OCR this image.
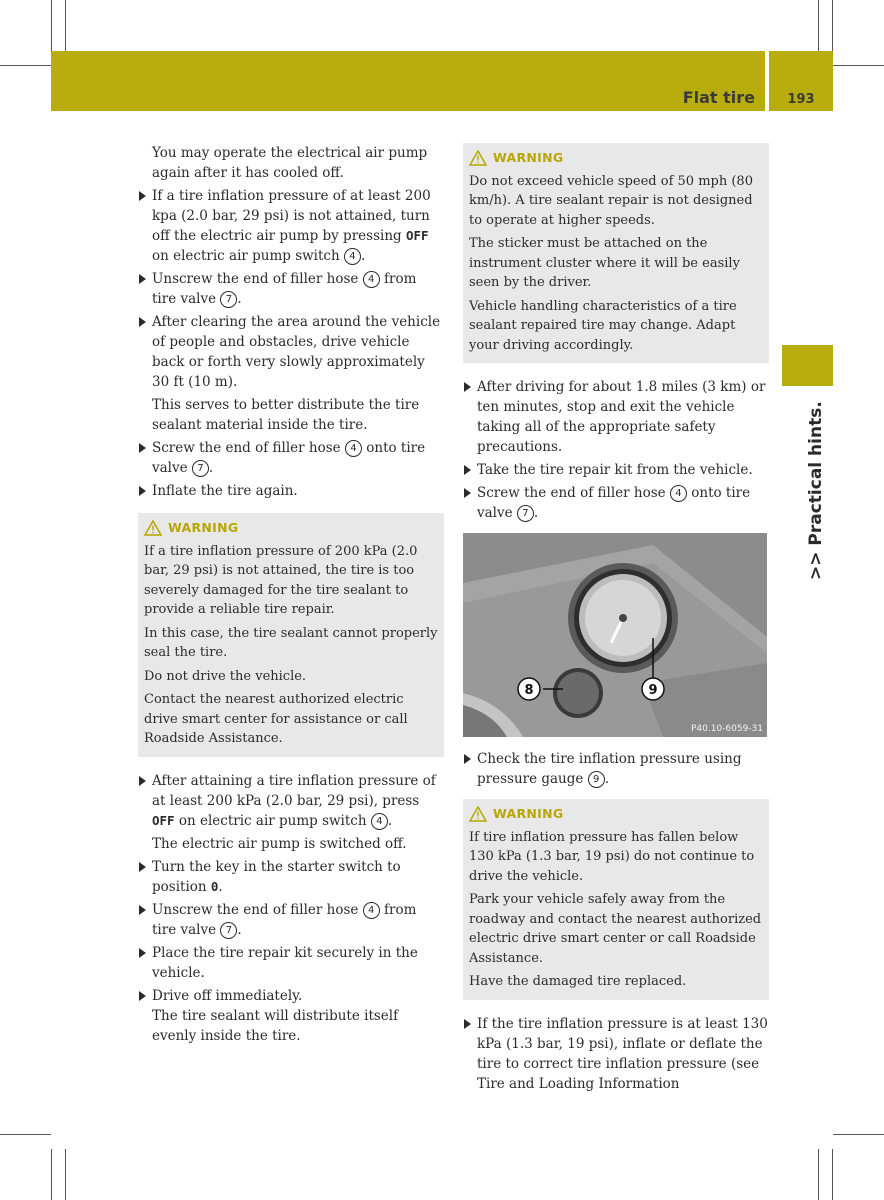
Flat tire	193
>> Practical hints.

You may operate the electrical air pump again after it has cooled off.

If a tire inflation pressure of at least 200 kpa (2.0 bar, 29 psi) is not attained, turn off the electric air pump by pressing OFF on electric air pump switch 4 .

Unscrew the end of filler hose 4 from tire valve 7 .

After clearing the area around the vehicle of people and obstacles, drive vehicle back or forth very slowly approximately 30 ft (10 m).

This serves to better distribute the tire sealant material inside the tire.

Screw the end of filler hose 4 onto tire valve 7 .

Inflate the tire again.

WARNING

If a tire inflation pressure of 200 kPa (2.0 bar, 29 psi) is not attained, the tire is too severely damaged for the tire sealant to provide a reliable tire repair.

In this case, the tire sealant cannot properly seal the tire.

Do not drive the vehicle.

Contact the nearest authorized electric drive smart center for assistance or call Roadside Assistance.

After attaining a tire inflation pressure of at least 200 kPa (2.0 bar, 29 psi), press OFF on electric air pump switch 4 .

The electric air pump is switched off.

Turn the key in the starter switch to position 0.

Unscrew the end of filler hose 4 from tire valve 7 .

Place the tire repair kit securely in the vehicle.

Drive off immediately.

The tire sealant will distribute itself evenly inside the tire.

WARNING

Do not exceed vehicle speed of 50 mph (80 km/h). A tire sealant repair is not designed to operate at higher speeds.

The sticker must be attached on the instrument cluster where it will be easily seen by the driver.

Vehicle handling characteristics of a tire sealant repaired tire may change. Adapt your driving accordingly.

After driving for about 1.8 miles (3 km) or ten minutes, stop and exit the vehicle taking all of the appropriate safety precautions.

Take the tire repair kit from the vehicle.

Screw the end of filler hose 4 onto tire valve 7 .

8	9
P40.10-6059-31

Check the tire inflation pressure using pressure gauge 9 .

WARNING

If tire inflation pressure has fallen below 130 kPa (1.3 bar, 19 psi) do not continue to drive the vehicle.

Park your vehicle safely away from the roadway and contact the nearest authorized electric drive smart center or call Roadside Assistance.

Have the damaged tire replaced.

If the tire inflation pressure is at least 130 kPa (1.3 bar, 19 psi), inflate or deflate the tire to correct tire inflation pressure (see Tire and Loading Information
